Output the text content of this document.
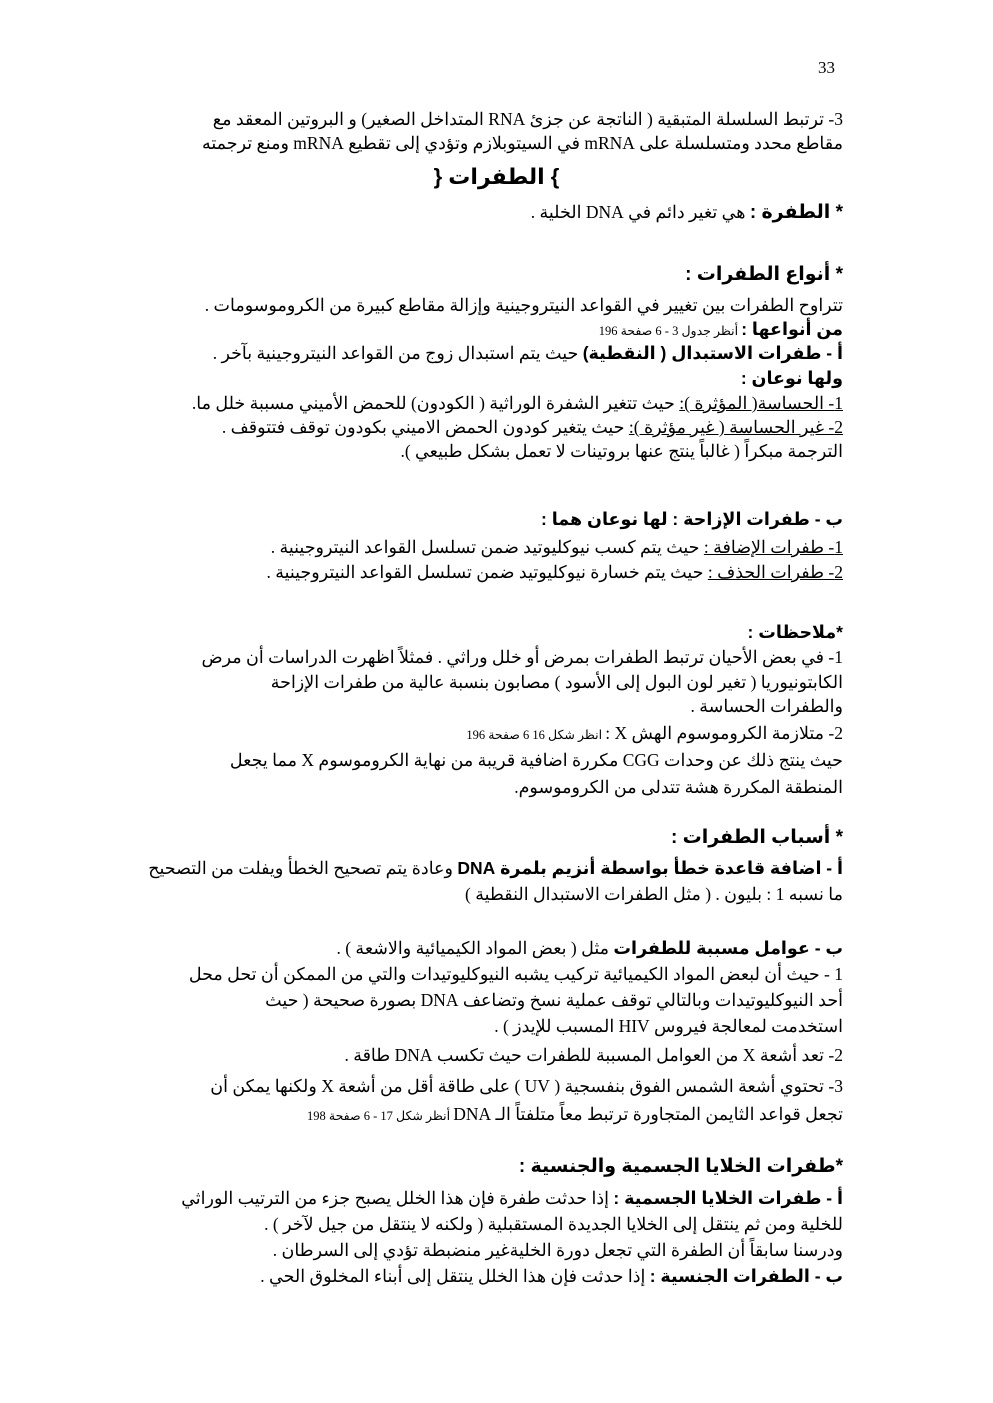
33
3- ترتبط السلسلة المتبقية ( الناتجة عن جزئ RNA المتداخل الصغير) و البروتين المعقد مع
مقاطع محدد ومتسلسلة على mRNA في السيتوبلازم وتؤدي إلى تقطيع mRNA ومنع ترجمته
} الطفرات {
* الطفرة : هي تغير دائم في DNA الخلية .
* أنواع الطفرات :
تتراوح الطفرات بين تغيير في القواعد النيتروجينية وإزالة مقاطع كبيرة من الكروموسومات .
من أنواعها : أنظر جدول 3 - 6 صفحة 196
أ - طفرات الاستبدال ( النقطية) حيث يتم استبدال زوج من القواعد النيتروجينية بآخر .
ولها نوعان :
1- الحساسة( المؤثرة ): حيث تتغير الشفرة الوراثية ( الكودون) للحمض الأميني مسببة خلل ما.
2- غير الحساسة ( غير مؤثرة ): حيث يتغير كودون الحمض الاميني بكودون توقف فتتوقف .
الترجمة مبكراً ( غالباً ينتج عنها بروتينات لا تعمل بشكل طبيعي ).
ب - طفرات الإزاحة : لها نوعان هما :
1- طفرات الإضافة : حيث يتم كسب نيوكليوتيد ضمن تسلسل القواعد النيتروجينية .
2- طفرات الحذف : حيث يتم خسارة نيوكليوتيد ضمن تسلسل القواعد النيتروجينية .
*ملاحظات :
1- في بعض الأحيان ترتبط الطفرات بمرض أو خلل وراثي . فمثلاً اظهرت الدراسات أن مرض
الكابتونيوريا ( تغير لون البول إلى الأسود ) مصابون بنسبة عالية من طفرات الإزاحة
والطفرات الحساسة .
2- متلازمة الكروموسوم الهش X : انظر شكل 16 6 صفحة 196
حيث ينتج ذلك عن وحدات CGG مكررة اضافية قريبة من نهاية الكروموسوم X مما يجعل
المنطقة المكررة هشة تتدلى من الكروموسوم.
* أسباب الطفرات :
أ - اضافة قاعدة خطأ بواسطة أنزيم بلمرة DNA وعادة يتم تصحيح الخطأ ويفلت من التصحيح
ما نسبه 1 : بليون . ( مثل الطفرات الاستبدال النقطية )
ب - عوامل مسببة للطفرات مثل ( بعض المواد الكيميائية والاشعة ) .
1 - حيث أن لبعض المواد الكيميائية تركيب يشبه النيوكليوتيدات والتي من الممكن أن تحل محل
أحد النيوكليوتيدات وبالتالي توقف عملية نسخ وتضاعف DNA بصورة صحيحة ( حيث
استخدمت لمعالجة فيروس HIV المسبب للإيدز ) .
2- تعد أشعة X من العوامل المسببة للطفرات حيث تكسب DNA طاقة .
3- تحتوي أشعة الشمس الفوق بنفسجية ( UV ) على طاقة أقل من أشعة X ولكنها يمكن أن
تجعل قواعد الثايمن المتجاورة ترتبط معاً متلفتاً الـ DNA أنظر شكل 17 - 6 صفحة 198
*طفرات الخلايا الجسمية والجنسية :
أ - طفرات الخلايا الجسمية : إذا حدثت طفرة فإن هذا الخلل يصبح جزء من الترتيب الوراثي
للخلية ومن ثم ينتقل إلى الخلايا الجديدة المستقبلية ( ولكنه لا ينتقل من جيل لآخر ) .
ودرسنا سابقاً أن الطفرة التي تجعل دورة الخليةغير منضبطة تؤدي إلى السرطان .
ب - الطفرات الجنسية : إذا حدثت فإن هذا الخلل ينتقل إلى أبناء المخلوق الحي .
